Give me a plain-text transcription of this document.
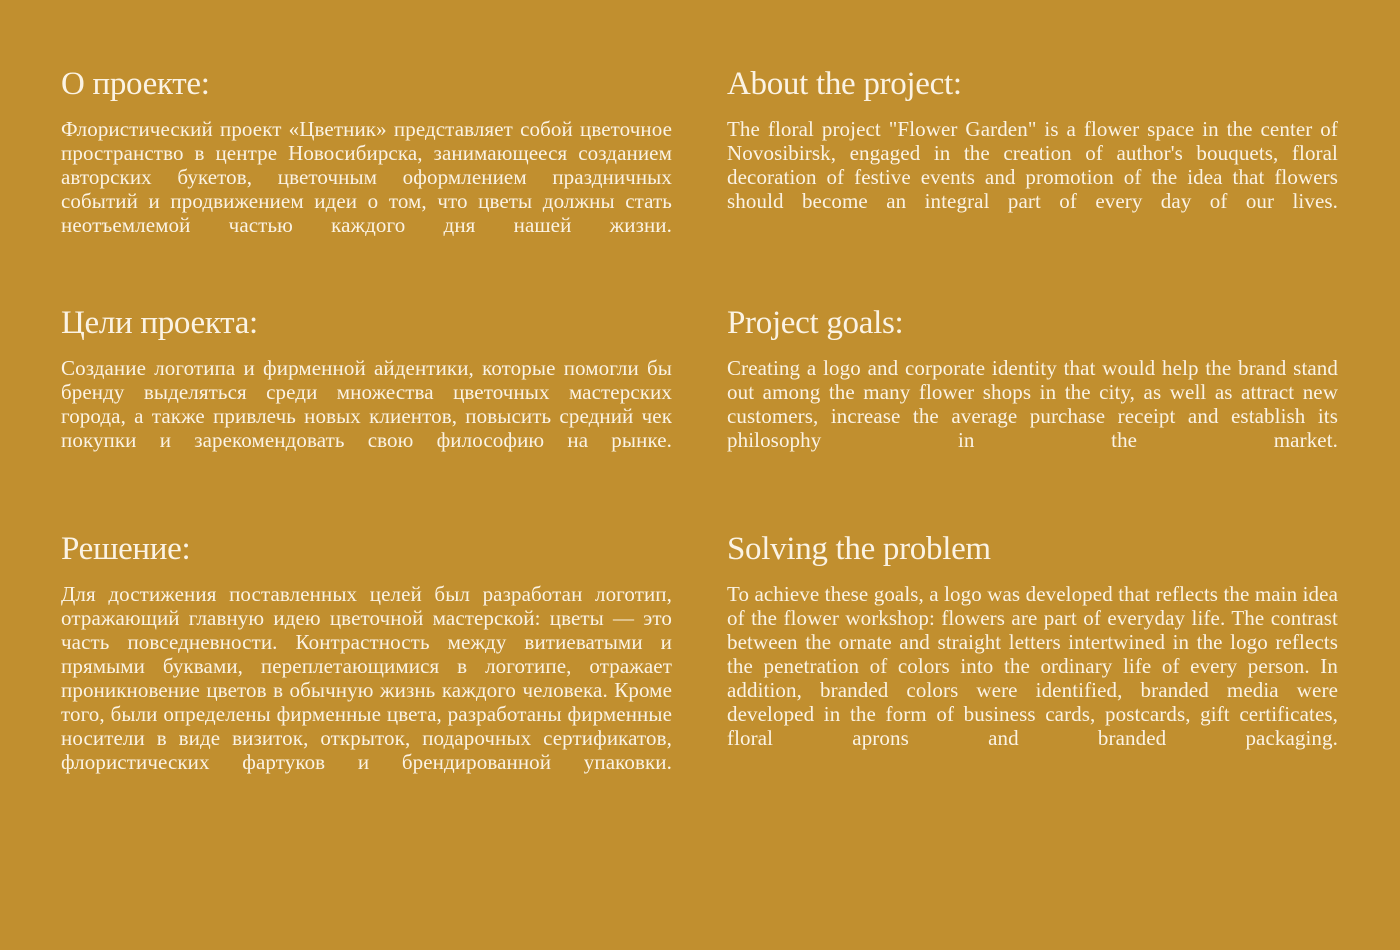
О проекте:

Флористический проект «Цветник» представляет собой цветочное пространство в центре Новосибирска, занимающееся созданием авторских букетов, цветочным оформлением праздничных событий и продвижением идеи о том, что цветы должны стать неотъемлемой частью каждого дня нашей жизни.

About the project:

The floral project "Flower Garden" is a flower space in the center of Novosibirsk, engaged in the creation of author's bouquets, floral decoration of festive events and promotion of the idea that flowers should become an integral part of every day of our lives.

Цели проекта:

Создание логотипа и фирменной айдентики, которые помогли бы бренду выделяться среди множества цветочных мастерских города, а также привлечь новых клиентов, повысить средний чек покупки и зарекомендовать свою философию на рынке.

Project goals:

Creating a logo and corporate identity that would help the brand stand out among the many flower shops in the city, as well as attract new customers, increase the average purchase receipt and establish its philosophy in the market.

Решение:

Для достижения поставленных целей был разработан логотип, отражающий главную идею цветочной мастерской: цветы — это часть повседневности. Контрастность между витиеватыми и прямыми буквами, переплетающимися в логотипе, отражает проникновение цветов в обычную жизнь каждого человека. Кроме того, были определены фирменные цвета, разработаны фирменные носители в виде визиток, открыток, подарочных сертификатов, флористических фартуков и брендированной упаковки.

Solving the problem

To achieve these goals, a logo was developed that reflects the main idea of the flower workshop: flowers are part of everyday life. The contrast between the ornate and straight letters intertwined in the logo reflects the penetration of colors into the ordinary life of every person. In addition, branded colors were identified, branded media were developed in the form of business cards, postcards, gift certificates, floral aprons and branded packaging.
